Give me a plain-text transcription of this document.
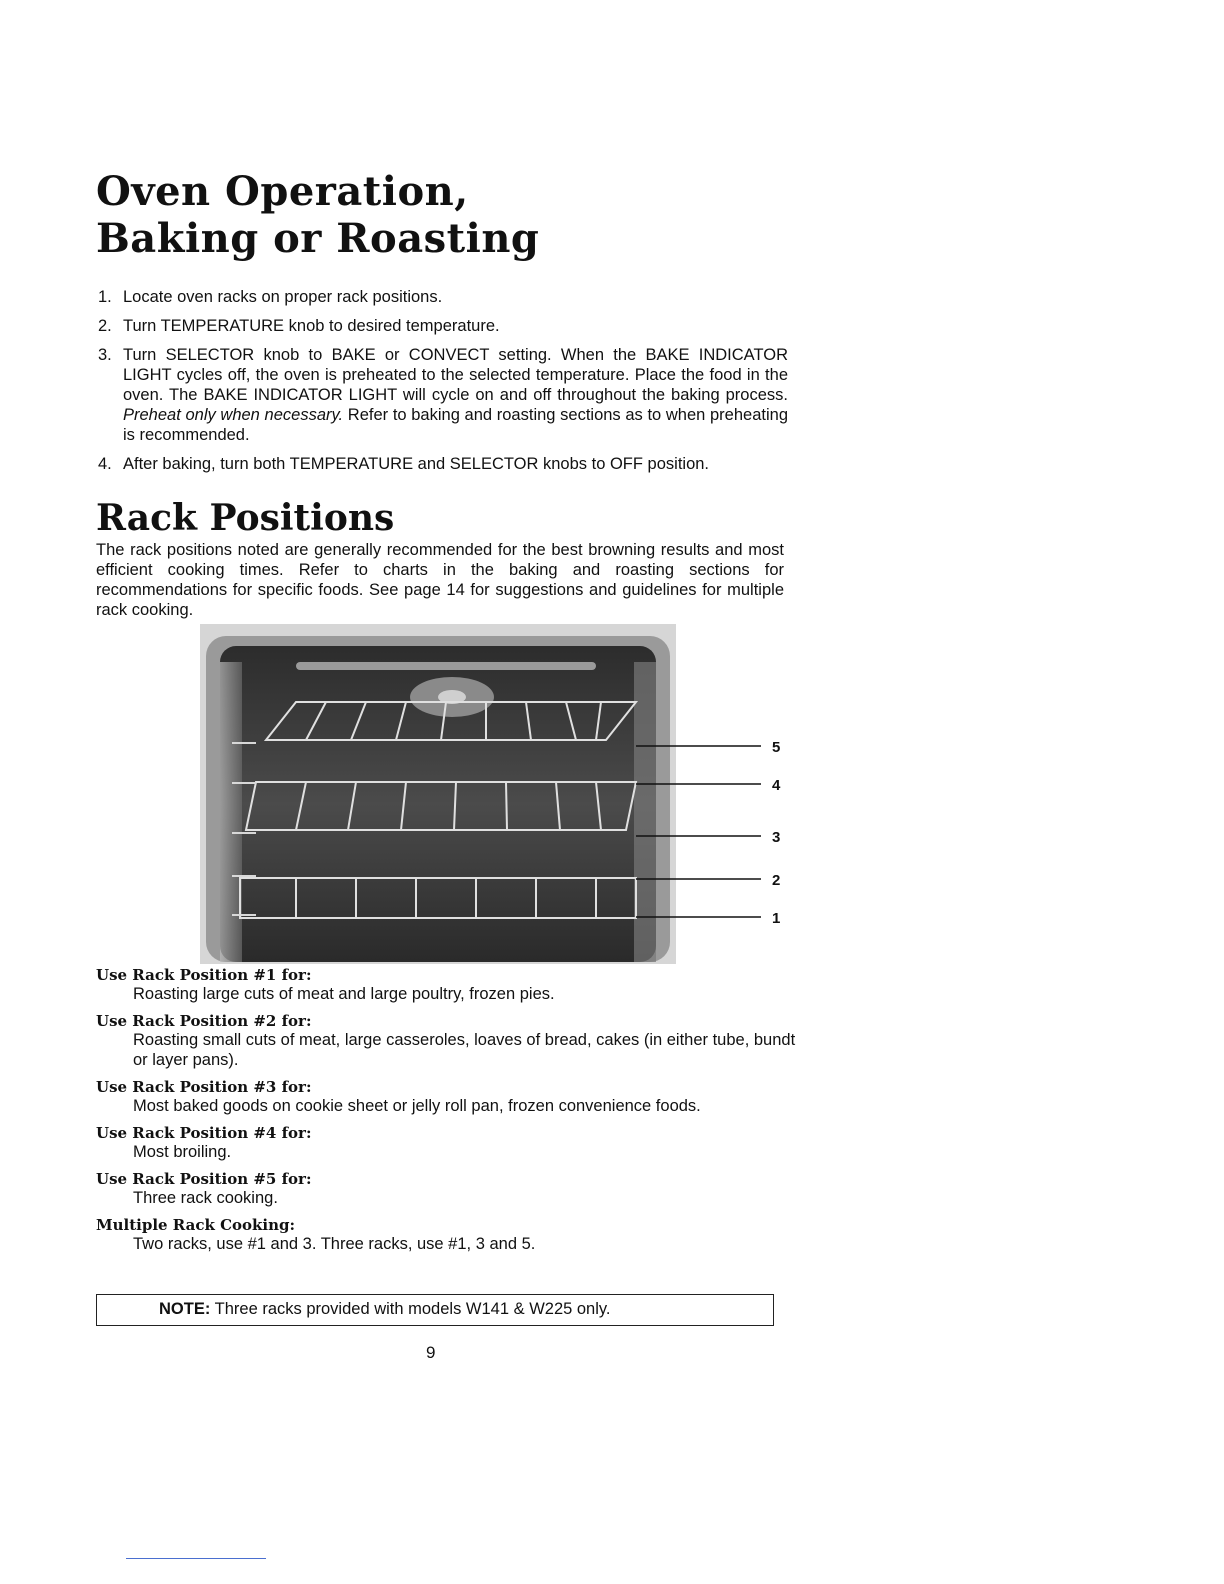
Oven Operation,
Baking or Roasting
1. Locate oven racks on proper rack positions.
2. Turn TEMPERATURE knob to desired temperature.
3. Turn SELECTOR knob to BAKE or CONVECT setting. When the BAKE INDICATOR LIGHT cycles off, the oven is preheated to the selected temperature. Place the food in the oven. The BAKE INDICATOR LIGHT will cycle on and off throughout the baking process. Preheat only when necessary. Refer to baking and roasting sections as to when preheating is recommended.
4. After baking, turn both TEMPERATURE and SELECTOR knobs to OFF position.
Rack Positions

The rack positions noted are generally recommended for the best browning results and most efficient cooking times. Refer to charts in the baking and roasting sections for recommendations for specific foods. See page 14 for suggestions and guidelines for multiple rack cooking.

5
4
3
2
1
Use Rack Position #1 for:
Roasting large cuts of meat and large poultry, frozen pies.
Use Rack Position #2 for:
Roasting small cuts of meat, large casseroles, loaves of bread, cakes (in either tube, bundt or layer pans).
Use Rack Position #3 for:
Most baked goods on cookie sheet or jelly roll pan, frozen convenience foods.
Use Rack Position #4 for:
Most broiling.
Use Rack Position #5 for:
Three rack cooking.
Multiple Rack Cooking:
Two racks, use #1 and 3. Three racks, use #1, 3 and 5.
NOTE: Three racks provided with models W141 & W225 only.
9
